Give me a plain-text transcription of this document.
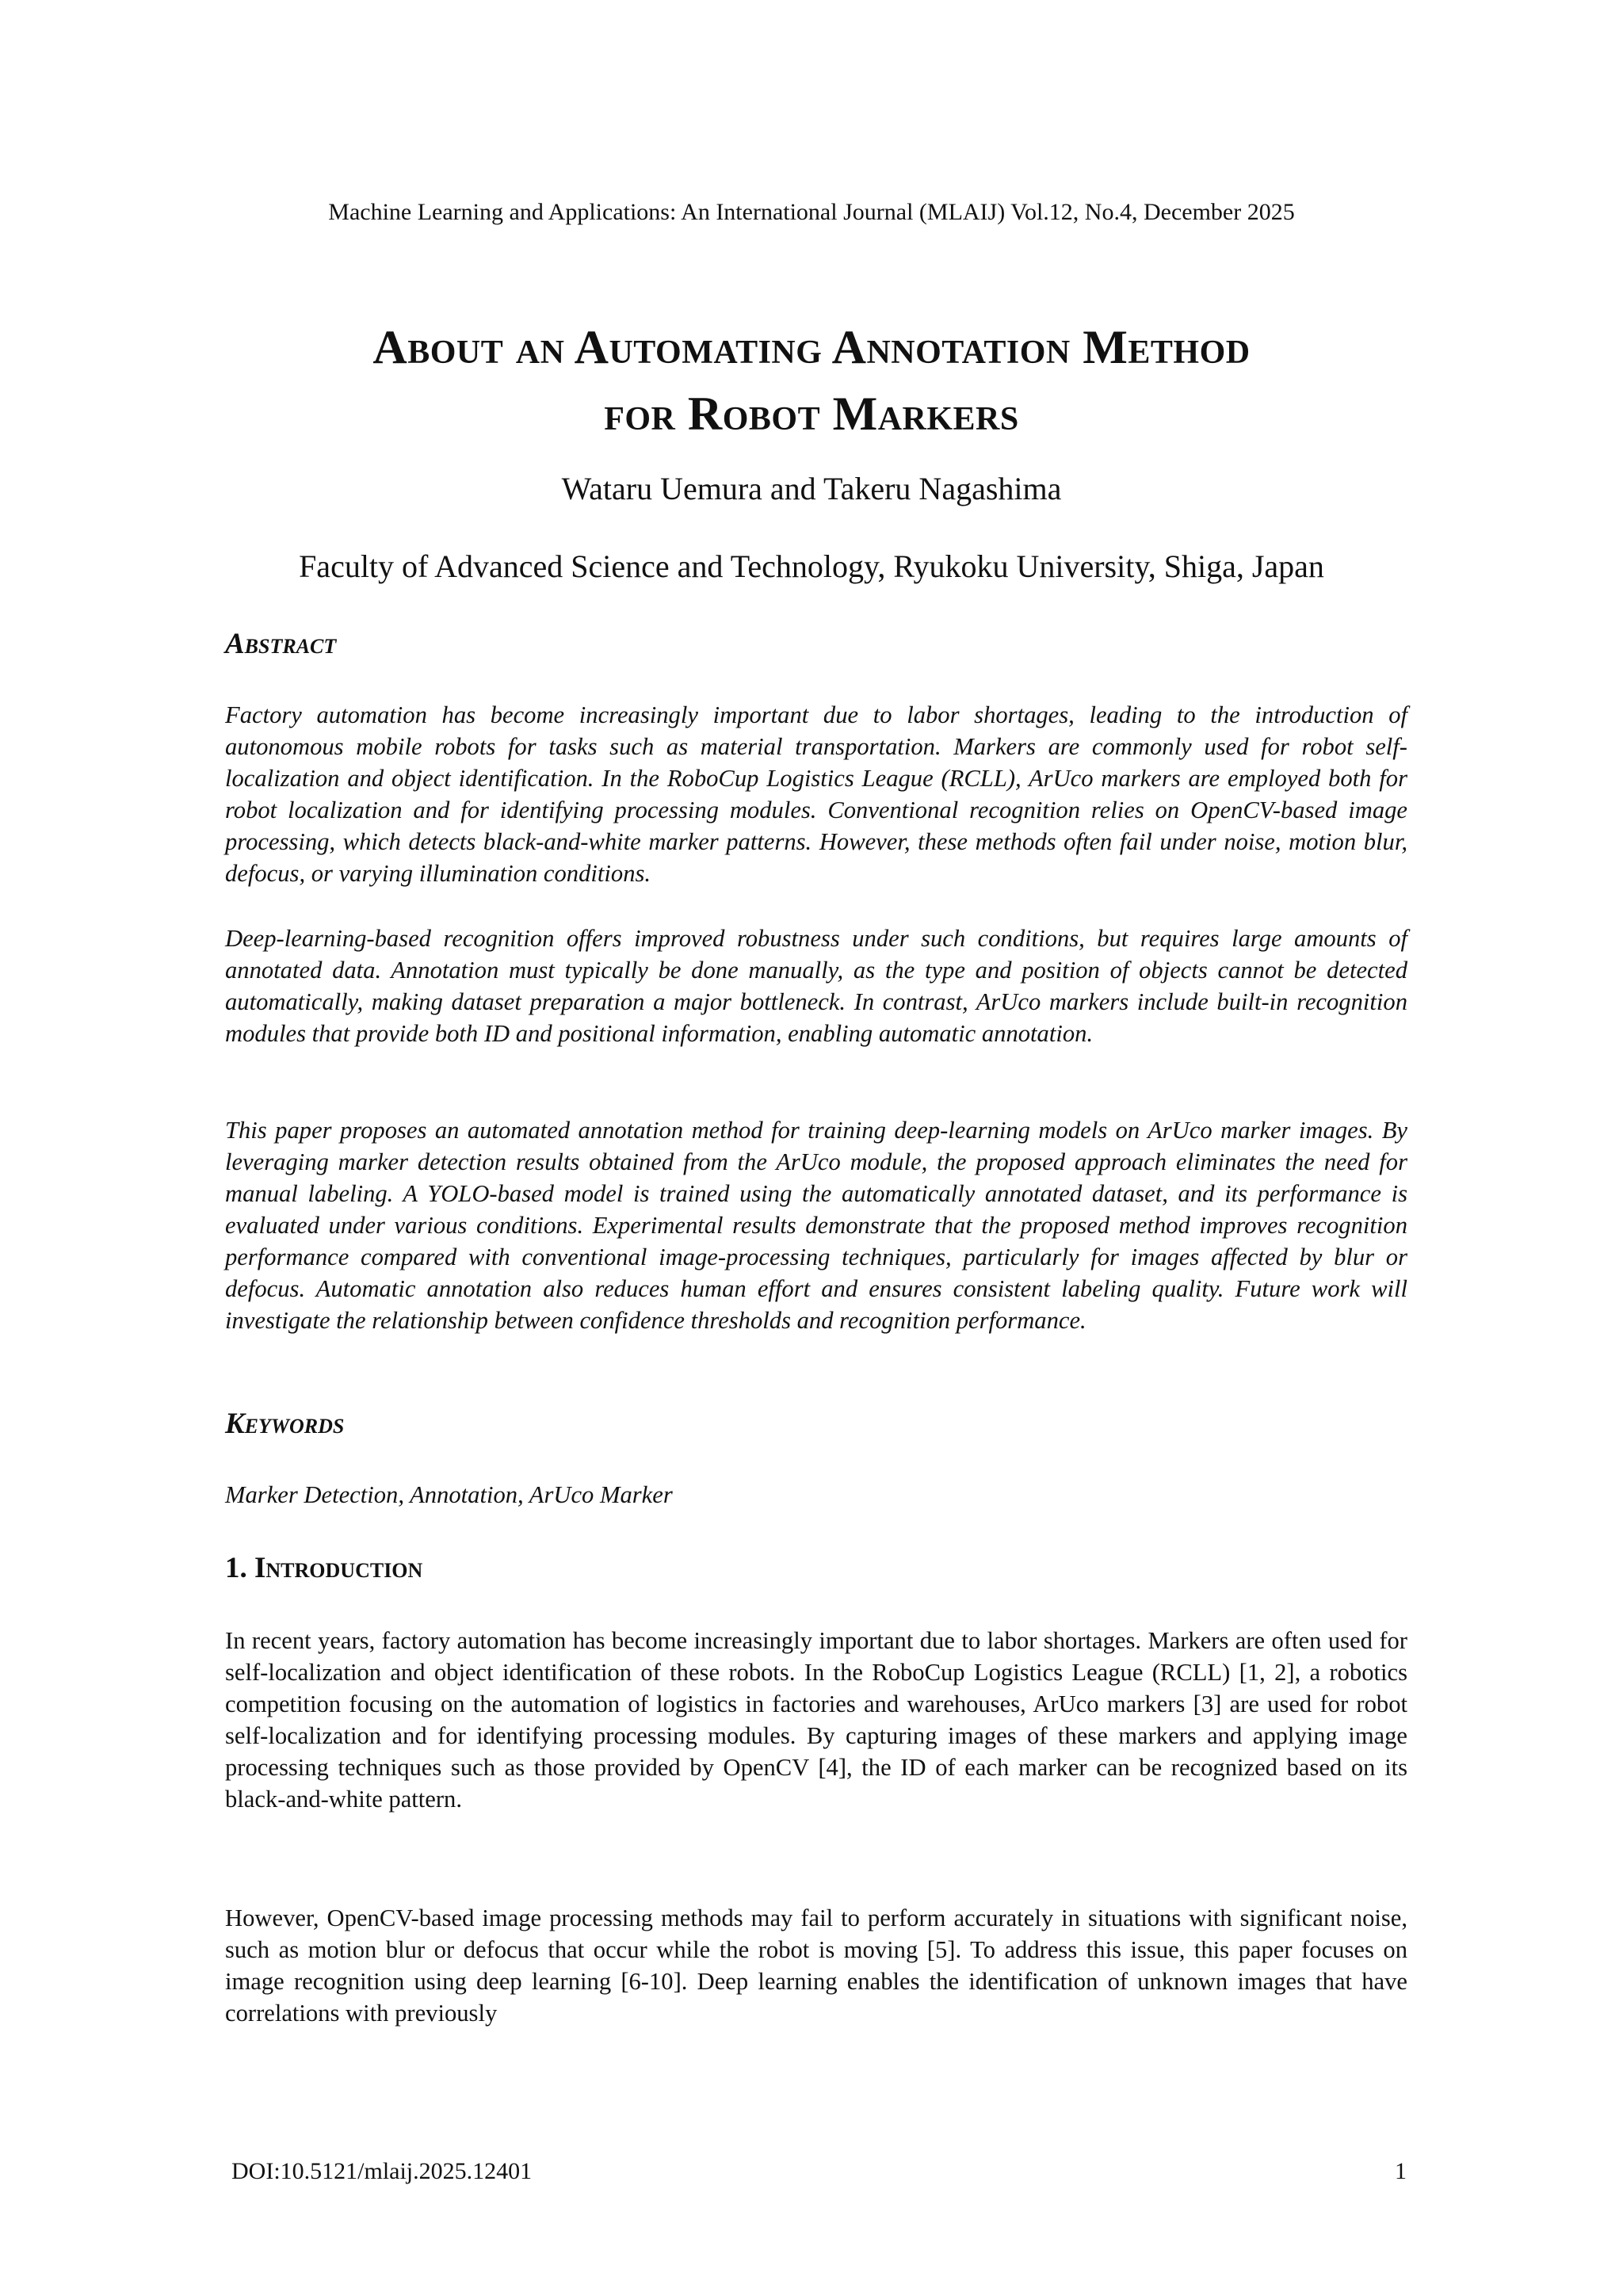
Machine Learning and Applications: An International Journal (MLAIJ) Vol.12, No.4, December 2025
About an Automating Annotation Method
for Robot Markers
Wataru Uemura and Takeru Nagashima
Faculty of Advanced Science and Technology, Ryukoku University, Shiga, Japan
Abstract

Factory automation has become increasingly important due to labor shortages, leading to the introduction of autonomous mobile robots for tasks such as material transportation. Markers are commonly used for robot self-localization and object identification. In the RoboCup Logistics League (RCLL), ArUco markers are employed both for robot localization and for identifying processing modules. Conventional recognition relies on OpenCV-based image processing, which detects black-and-white marker patterns. However, these methods often fail under noise, motion blur, defocus, or varying illumination conditions.

Deep-learning-based recognition offers improved robustness under such conditions, but requires large amounts of annotated data. Annotation must typically be done manually, as the type and position of objects cannot be detected automatically, making dataset preparation a major bottleneck. In contrast, ArUco markers include built-in recognition modules that provide both ID and positional information, enabling automatic annotation.

This paper proposes an automated annotation method for training deep-learning models on ArUco marker images. By leveraging marker detection results obtained from the ArUco module, the proposed approach eliminates the need for manual labeling. A YOLO-based model is trained using the automatically annotated dataset, and its performance is evaluated under various conditions. Experimental results demonstrate that the proposed method improves recognition performance compared with conventional image-processing techniques, particularly for images affected by blur or defocus. Automatic annotation also reduces human effort and ensures consistent labeling quality. Future work will investigate the relationship between confidence thresholds and recognition performance.

Keywords

Marker Detection, Annotation, ArUco Marker

1. Introduction

In recent years, factory automation has become increasingly important due to labor shortages. Markers are often used for self-localization and object identification of these robots. In the RoboCup Logistics League (RCLL) [1, 2], a robotics competition focusing on the automation of logistics in factories and warehouses, ArUco markers [3] are used for robot self-localization and for identifying processing modules. By capturing images of these markers and applying image processing techniques such as those provided by OpenCV [4], the ID of each marker can be recognized based on its black-and-white pattern.

However, OpenCV-based image processing methods may fail to perform accurately in situations with significant noise, such as motion blur or defocus that occur while the robot is moving [5]. To address this issue, this paper focuses on image recognition using deep learning [6-10]. Deep learning enables the identification of unknown images that have correlations with previously

DOI:10.5121/mlaij.2025.12401	1
